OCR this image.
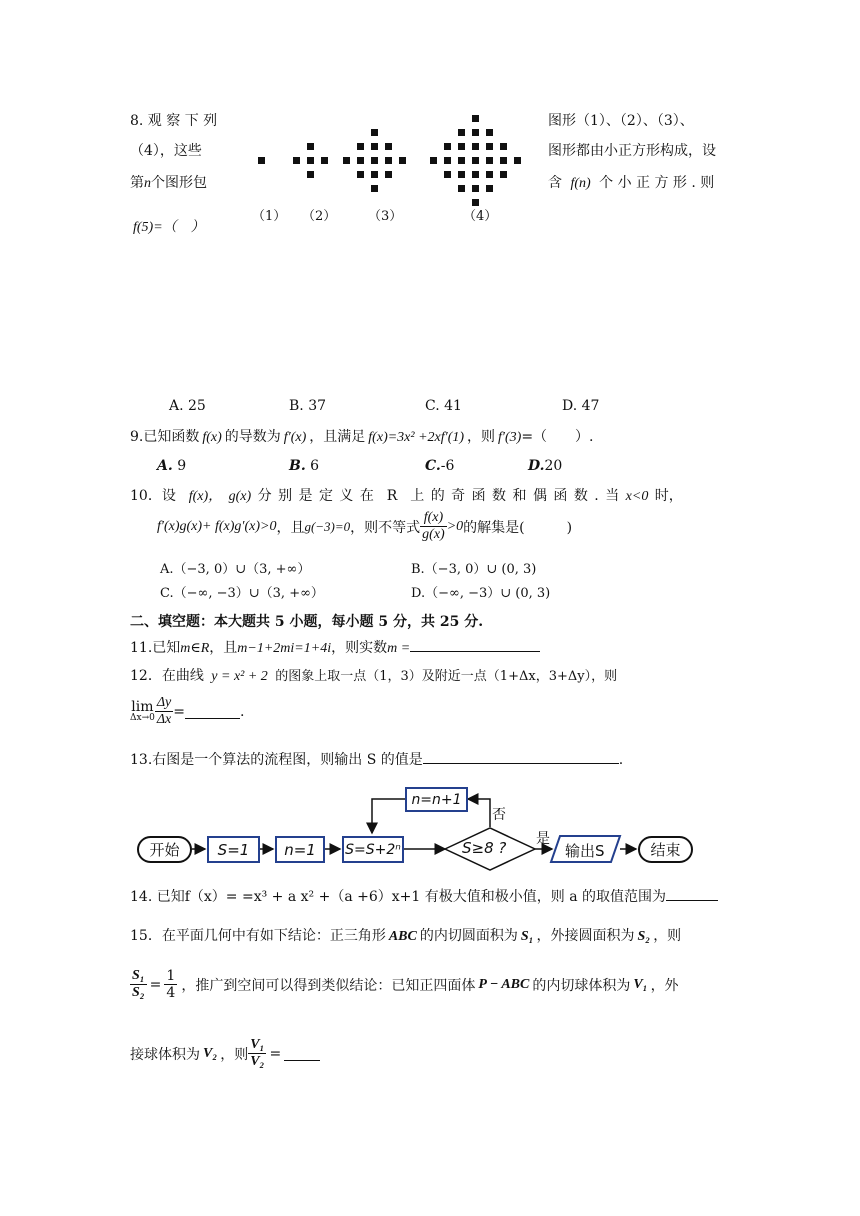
8. 观 察 下 列	图形（1）、（2）、（3）、
（4），这些	图形都由小正方形构成，设
第n个图形包	含 f(n) 个 小 正 方 形 . 则
f(5)=（　）
（1） （2） （3）	（4）
A. 25	B. 37	C. 41	D. 47
9.已知函数 f(x) 的导数为 f′(x) ，且满足 f(x)=3x² +2xf′(1) ，则 f′(3)=（　　）.
A. 9	B. 6	C.-6	D.20
10．设 f(x)， g(x) 分 别 是 定 义 在 R 上 的 奇 函 数 和 偶 函 数 . 当 x<0 时，
f′(x)g(x)+ f(x)g′(x)>0 ，且 g(−3)=0 ，则不等式 $\frac{f(x)}{g(x)} >0$ 的解集是(　　　)
A.（−3, 0）∪（3, +∞）	B.（−3, 0）∪ (0, 3)
C.（−∞, −3）∪（3, +∞）	D.（−∞, −3）∪ (0, 3)
二、填空题：本大题共 5 小题，每小题 5 分，共 25 分.
11.已知m∈R，且m−1+2mi=1+4i，则实数m =
12．在曲线 y = x² + 2 的图象上取一点（1，3）及附近一点（1+Δx，3+Δy），则
lim
$\Delta x\to 0 \frac{\Delta y}{\Delta x}$ =	.
13.右图是一个算法的流程图，则输出 S 的值是	.
开始	S=1	n=1	S=S+2ⁿ	S≥8 ? 是
否
n=n+1
输出S	结束
14. 已知f（x）= =x³ + a x² +（a +6）x+1 有极大值和极小值，则 a 的取值范围为
15．在平面几何中有如下结论：正三角形 ABC 的内切圆面积为 S₁ ，外接圆面积为 S₂ ，则
$\frac{\text{S₁}}{\text{S₂}} = \frac{1}{4}$ ，推广到空间可以得到类似结论：已知正四面体 P − ABC 的内切球体积为 V₁ ，外
接球体积为 V₂ ，则 $\frac{\text{V₁}}{\text{V₂}}$ =
